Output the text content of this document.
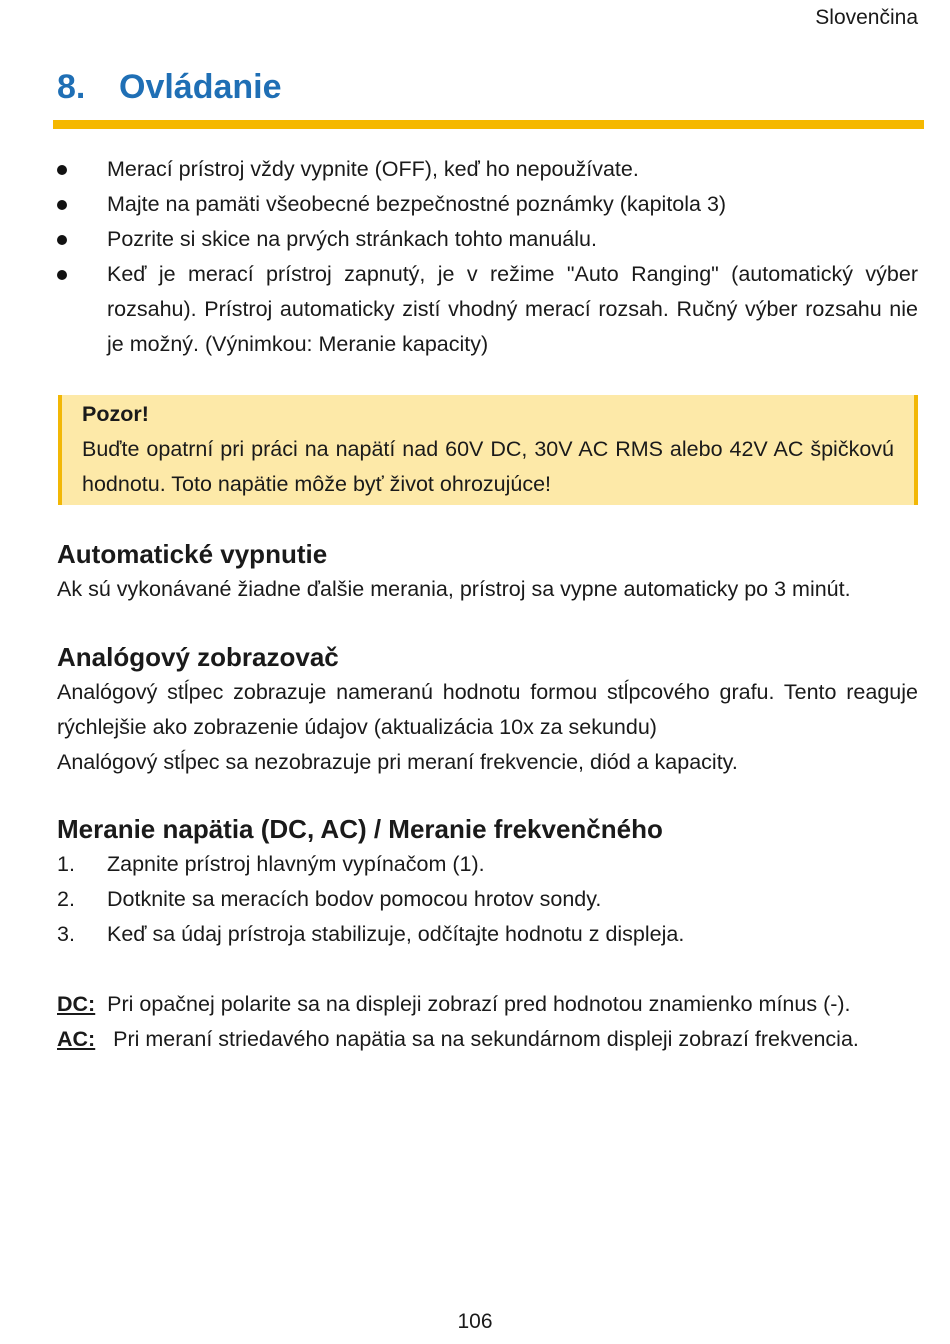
Slovenčina
8. Ovládanie
Merací prístroj vždy vypnite (OFF), keď ho nepoužívate.
Majte na pamäti všeobecné bezpečnostné poznámky (kapitola 3)
Pozrite si skice na prvých stránkach tohto manuálu.
Keď je merací prístroj zapnutý, je v režime "Auto Ranging" (automatický výber rozsahu). Prístroj automaticky zistí vhodný merací rozsah. Ručný výber rozsahu nie je možný. (Výnimkou: Meranie kapacity)
Pozor!
Buďte opatrní pri práci na napätí nad 60V DC, 30V AC RMS alebo 42V AC špičkovú hodnotu. Toto napätie môže byť život ohrozujúce!
Automatické vypnutie

Ak sú vykonávané žiadne ďalšie merania, prístroj sa vypne automaticky po 3 minút.

Analógový zobrazovač

Analógový stĺpec zobrazuje nameranú hodnotu formou stĺpcového grafu. Tento reaguje rýchlejšie ako zobrazenie údajov (aktualizácia 10x za sekundu)

Analógový stĺpec sa nezobrazuje pri meraní frekvencie, diód a kapacity.

Meranie napätia (DC, AC) / Meranie frekvenčného
1. Zapnite prístroj hlavným vypínačom (1).
2. Dotknite sa meracích bodov pomocou hrotov sondy.
3. Keď sa údaj prístroja stabilizuje, odčítajte hodnotu z displeja.

DC: Pri opačnej polarite sa na displeji zobrazí pred hodnotou znamienko mínus (-).

AC: Pri meraní striedavého napätia sa na sekundárnom displeji zobrazí frekvencia.

106
